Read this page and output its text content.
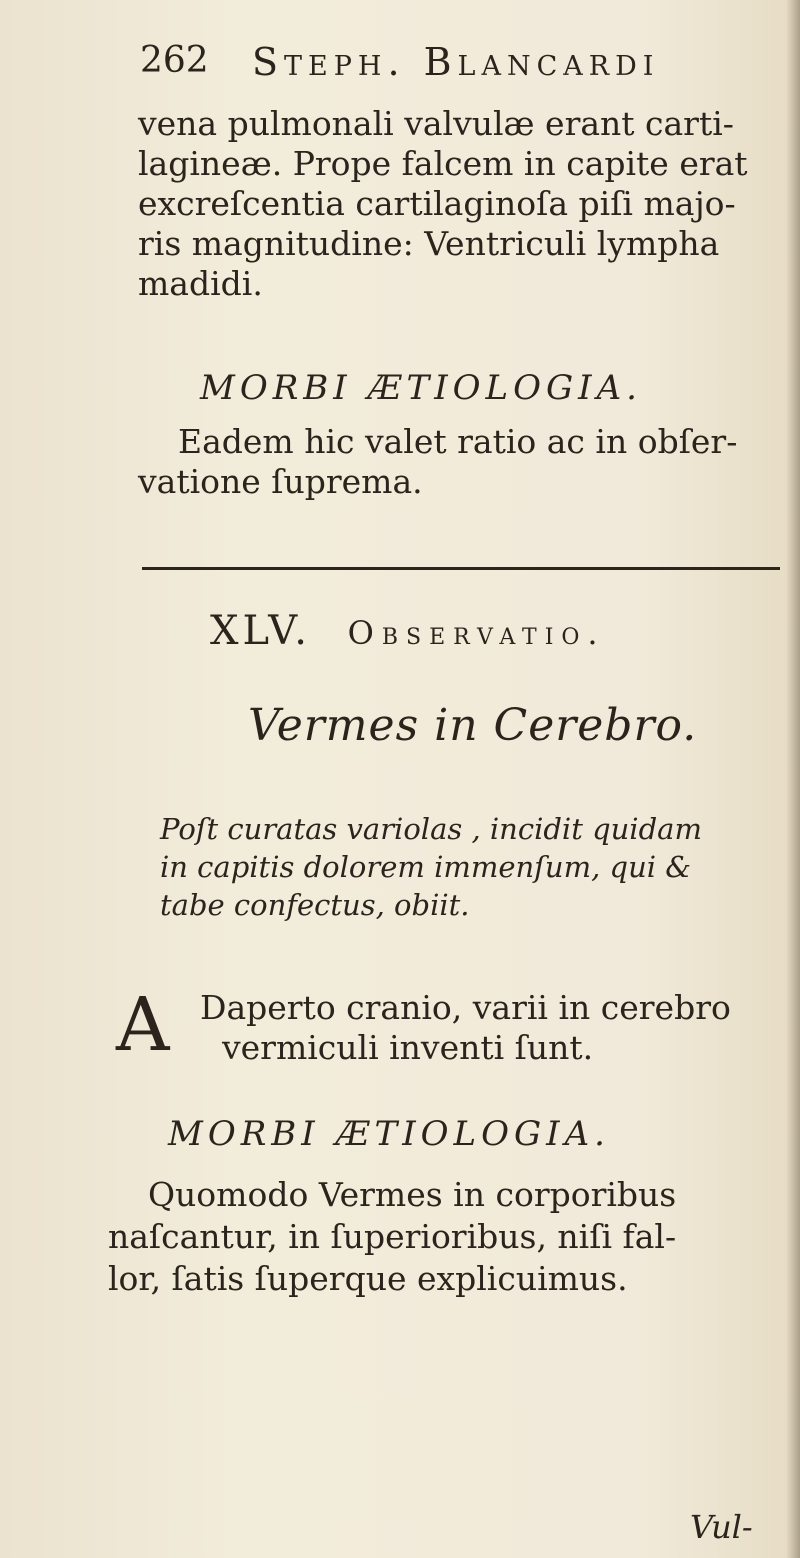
262 Steph. Blancardi

vena pulmonali valvulæ erant carti-
lagineæ. Prope falcem in capite erat
excreſcentia cartilaginoſa piſi majo-
ris magnitudine: Ventriculi lympha
madidi.

MORBI ÆTIOLOGIA.

Eadem hic valet ratio ac in obſer-
vatione ſuprema.

XLV. Observatio.
Vermes in Cerebro.
Poſt curatas variolas , incidit quidam
in capitis dolorem immenſum, qui &
tabe confectus, obiit.
A Daperto cranio, varii in cerebro
vermiculi inventi ſunt.

MORBI ÆTIOLOGIA.

Quomodo Vermes in corporibus
naſcantur, in ſuperioribus, niſi fal-
lor, ſatis ſuperque explicuimus.

Vul-
